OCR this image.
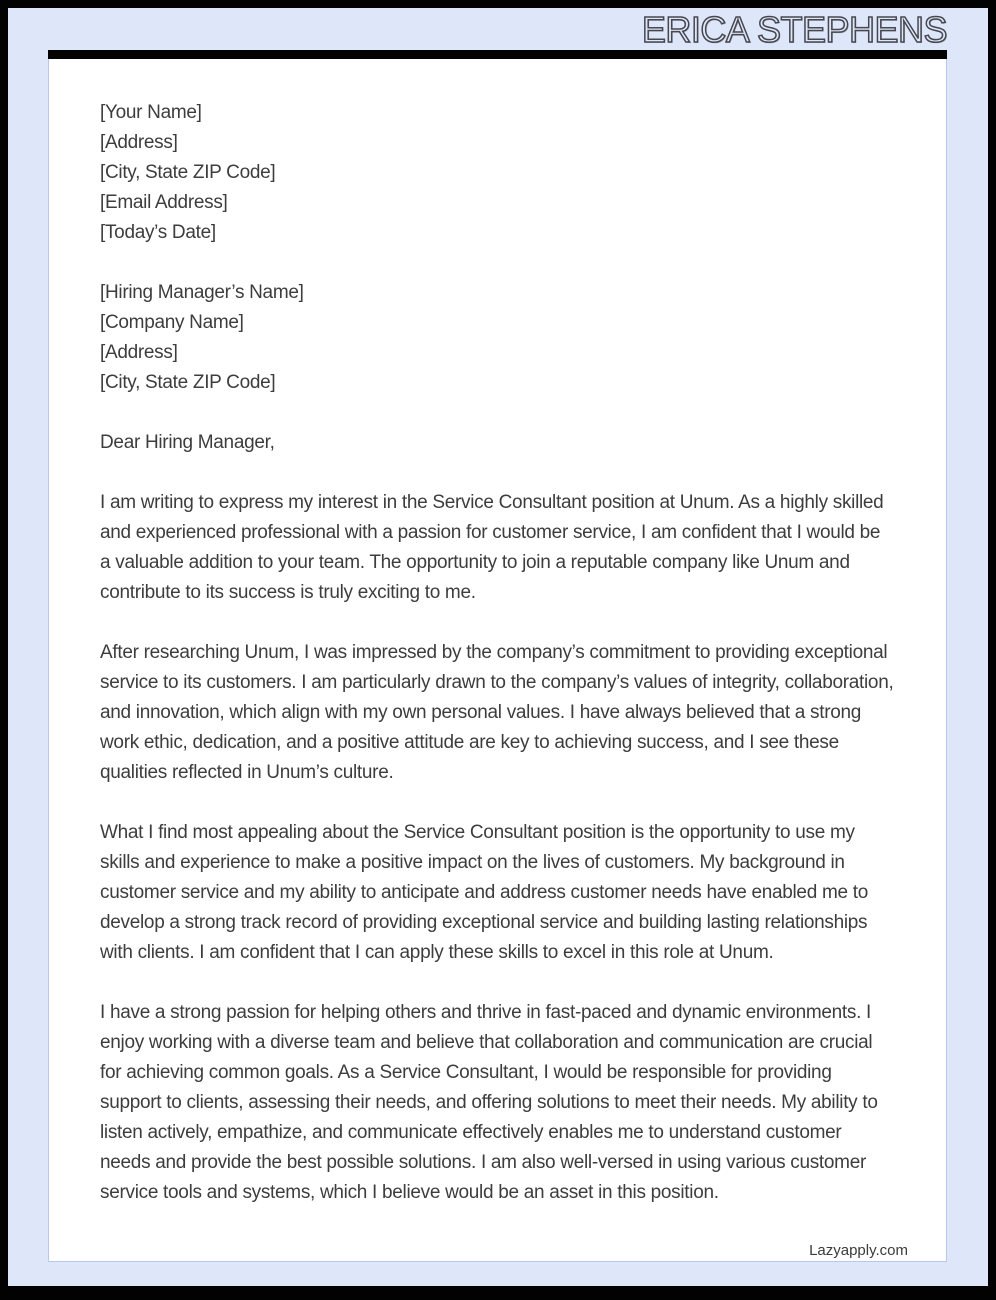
ERICA STEPHENS
[Your Name]
[Address]
[City, State ZIP Code]
[Email Address]
[Today’s Date]
[Hiring Manager’s Name]
[Company Name]
[Address]
[City, State ZIP Code]

Dear Hiring Manager,

I am writing to express my interest in the Service Consultant position at Unum. As a highly skilled and experienced professional with a passion for customer service, I am confident that I would be a valuable addition to your team. The opportunity to join a reputable company like Unum and contribute to its success is truly exciting to me.

After researching Unum, I was impressed by the company’s commitment to providing exceptional service to its customers. I am particularly drawn to the company’s values of integrity, collaboration, and innovation, which align with my own personal values. I have always believed that a strong work ethic, dedication, and a positive attitude are key to achieving success, and I see these qualities reflected in Unum’s culture.

What I find most appealing about the Service Consultant position is the opportunity to use my skills and experience to make a positive impact on the lives of customers. My background in customer service and my ability to anticipate and address customer needs have enabled me to develop a strong track record of providing exceptional service and building lasting relationships with clients. I am confident that I can apply these skills to excel in this role at Unum.

I have a strong passion for helping others and thrive in fast-paced and dynamic environments. I enjoy working with a diverse team and believe that collaboration and communication are crucial for achieving common goals. As a Service Consultant, I would be responsible for providing support to clients, assessing their needs, and offering solutions to meet their needs. My ability to listen actively, empathize, and communicate effectively enables me to understand customer needs and provide the best possible solutions. I am also well-versed in using various customer service tools and systems, which I believe would be an asset in this position.

Lazyapply.com
